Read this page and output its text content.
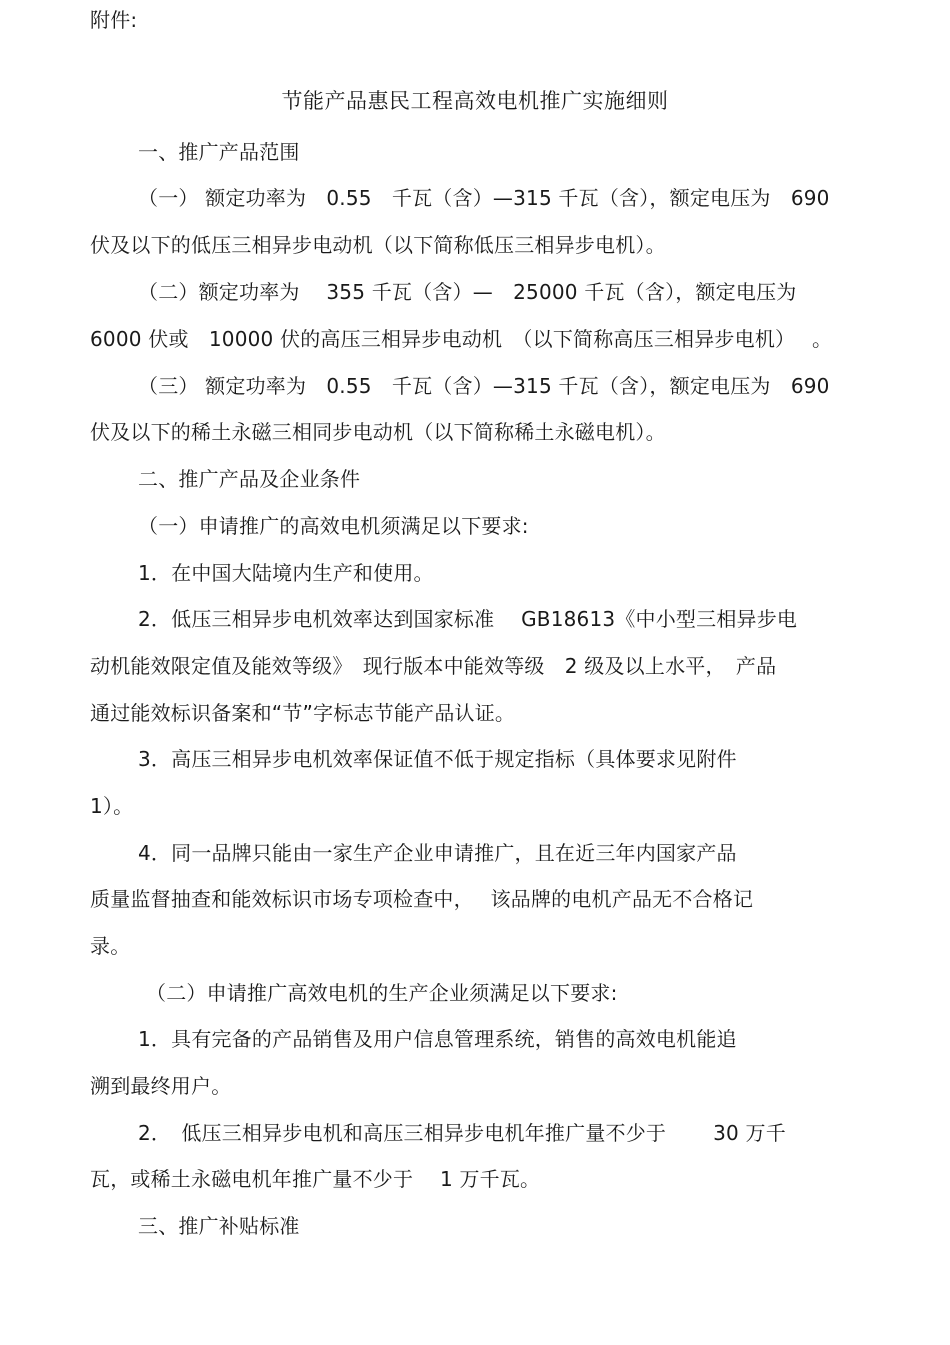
附件:
节能产品惠民工程高效电机推广实施细则
一、推广产品范围
（一） 额定功率为　0.55　千瓦（含）—315 千瓦（含），额定电压为　690
伏及以下的低压三相异步电动机（以下简称低压三相异步电机）。
（二）额定功率为　 355 千瓦（含）—　25000 千瓦（含），额定电压为
6000 伏或　10000 伏的高压三相异步电动机　（以下简称高压三相异步电机）　 。
（三） 额定功率为　0.55　千瓦（含）—315 千瓦（含），额定电压为　690
伏及以下的稀土永磁三相同步电动机（以下简称稀土永磁电机）。
二、推广产品及企业条件
（一）申请推广的高效电机须满足以下要求:
1．在中国大陆境内生产和使用。
2．低压三相异步电机效率达到国家标准　 GB18613《中小型三相异步电
动机能效限定值及能效等级》　现行版本中能效等级　2 级及以上水平，　产品
通过能效标识备案和“节”字标志节能产品认证。
3．高压三相异步电机效率保证值不低于规定指标（具体要求见附件
1）。
4．同一品牌只能由一家生产企业申请推广，且在近三年内国家产品
质量监督抽查和能效标识市场专项检查中，　 该品牌的电机产品无不合格记
录。
（二）申请推广高效电机的生产企业须满足以下要求:
1．具有完备的产品销售及用户信息管理系统，销售的高效电机能追
溯到最终用户。
2．　低压三相异步电机和高压三相异步电机年推广量不少于　　 30 万千
瓦，或稀土永磁电机年推广量不少于　 1 万千瓦。
三、推广补贴标准
